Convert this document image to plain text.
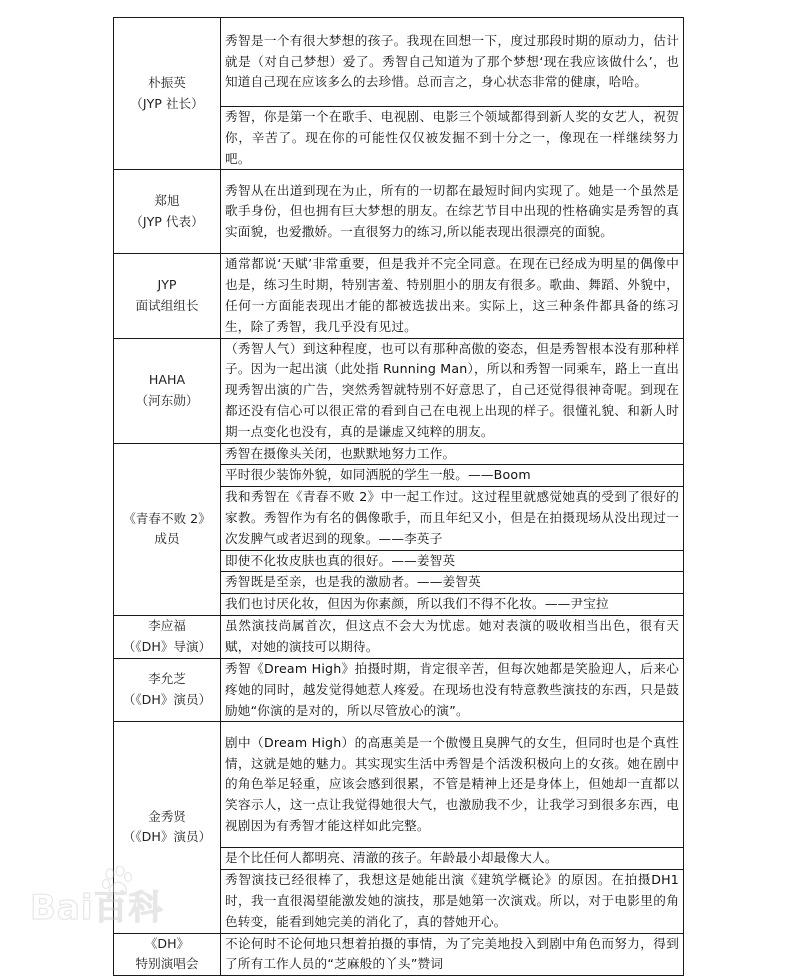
朴振英
（JYP 社长）	秀智是一个有很大梦想的孩子。我现在回想一下，度过那段时期的原动力，估计就是（对自己梦想）爱了。秀智自己知道为了那个梦想‘现在我应该做什么’，也知道自己现在应该多么的去珍惜。总而言之，身心状态非常的健康，哈哈。
	秀智，你是第一个在歌手、电视剧、电影三个领域都得到新人奖的女艺人，祝贺你，辛苦了。现在你的可能性仅仅被发掘不到十分之一，像现在一样继续努力吧。

郑旭
（JYP 代表）	秀智从在出道到现在为止，所有的一切都在最短时间内实现了。她是一个虽然是歌手身份，但也拥有巨大梦想的朋友。在综艺节目中出现的性格确实是秀智的真实面貌，也爱撒娇。一直很努力的练习,所以能表现出很漂亮的面貌。

JYP
面试组组长	通常都说‘天赋’非常重要，但是我并不完全同意。在现在已经成为明星的偶像中也是，练习生时期，特别害羞、特别胆小的朋友有很多。歌曲、舞蹈、外貌中，任何一方面能表现出才能的都被选拔出来。实际上，这三种条件都具备的练习生，除了秀智，我几乎没有见过。

HAHA
（河东勋）	（秀智人气）到这种程度，也可以有那种高傲的姿态，但是秀智根本没有那种样子。因为一起出演（此处指 Running Man），所以和秀智一同乘车，路上一直出现秀智出演的广告，突然秀智就特别不好意思了，自己还觉得很神奇呢。到现在都还没有信心可以很正常的看到自己在电视上出现的样子。很懂礼貌、和新人时期一点变化也没有，真的是谦虚又纯粹的朋友。

《青春不败 2》
成员	秀智在摄像头关闭，也默默地努力工作。
	平时很少装饰外貌，如同洒脱的学生一般。——Boom
	我和秀智在《青春不败 2》中一起工作过。这过程里就感觉她真的受到了很好的家教。秀智作为有名的偶像歌手，而且年纪又小，但是在拍摄现场从没出现过一次发脾气或者迟到的现象。——李英子
	即使不化妆皮肤也真的很好。——姜智英
	秀智既是至亲，也是我的激励者。——姜智英
	我们也讨厌化妆，但因为你素颜，所以我们不得不化妆。——尹宝拉

李应福
（《DH》导演）	虽然演技尚属首次，但这点不会大为忧虑。她对表演的吸收相当出色，很有天赋，对她的演技可以期待。

李允芝
（《DH》演员）	秀智《Dream High》拍摄时期，肯定很辛苦，但每次她都是笑脸迎人，后来心疼她的同时，越发觉得她惹人疼爱。在现场也没有特意教些演技的东西，只是鼓励她“你演的是对的，所以尽管放心的演”。

金秀贤
（《DH》演员）	剧中（Dream High）的高惠美是一个傲慢且臭脾气的女生，但同时也是个真性情，这就是她的魅力。其实现实生活中秀智是个活泼积极向上的女孩。她在剧中的角色举足轻重，应该会感到很累，不管是精神上还是身体上，但她却一直都以笑容示人，这一点让我觉得她很大气，也激励我不少，让我学习到很多东西，电视剧因为有秀智才能这样如此完整。
	是个比任何人都明亮、清澈的孩子。年龄最小却最像大人。
	秀智演技已经很棒了，我想这是她能出演《建筑学概论》的原因。在拍摄DH1时，我一直很渴望能激发她的演技，那是她第一次演戏。所以，对于电影里的角色转变，能看到她完美的消化了，真的替她开心。

《DH》
特别演唱会	不论何时不论何地只想着拍摄的事情，为了完美地投入到剧中角色而努力，得到了所有工作人员的“芝麻般的丫头”赞词
Bai百科
